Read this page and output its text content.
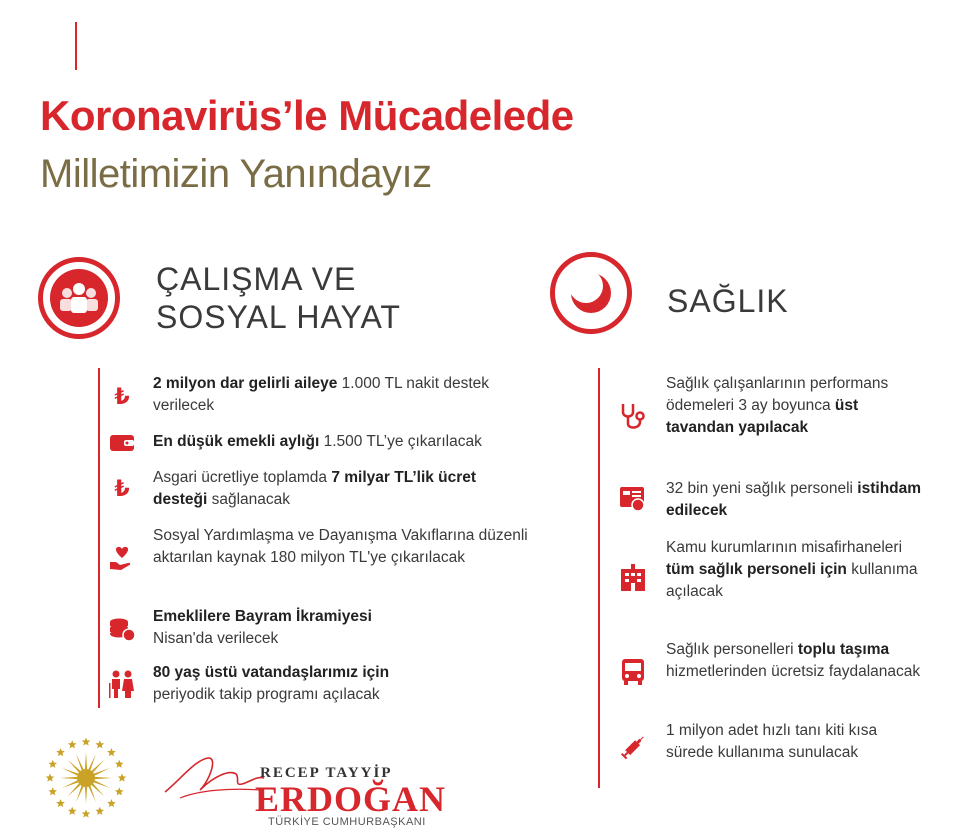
Koronavirüs’le Mücadelede
Milletimizin Yanındayız
ÇALIŞMA VE
SOSYAL HAYAT	SAĞLIK
₺
2 milyon dar gelirli aileye 1.000 TL nakit destek verilecek
En düşük emekli aylığı 1.500 TL’ye çıkarılacak
₺ Asgari ücretliye toplamda 7 milyar TL’lik ücret desteği sağlanacak
Sosyal Yardımlaşma ve Dayanışma Vakıflarına düzenli aktarılan kaynak 180 milyon TL'ye çıkarılacak
Emeklilere Bayram İkramiyesi
Nisan'da verilecek
80 yaş üstü vatandaşlarımız için
periyodik takip programı açılacak
Sağlık çalışanlarının performans ödemeleri 3 ay boyunca üst tavandan yapılacak
32 bin yeni sağlık personeli istihdam edilecek
Kamu kurumlarının misafirhaneleri tüm sağlık personeli için kullanıma açılacak
Sağlık personelleri toplu taşıma hizmetlerinden ücretsiz faydalanacak
1 milyon adet hızlı tanı kiti kısa sürede kullanıma sunulacak
RECEP TAYYİP
ERDOĞAN
TÜRKİYE CUMHURBAŞKANI
